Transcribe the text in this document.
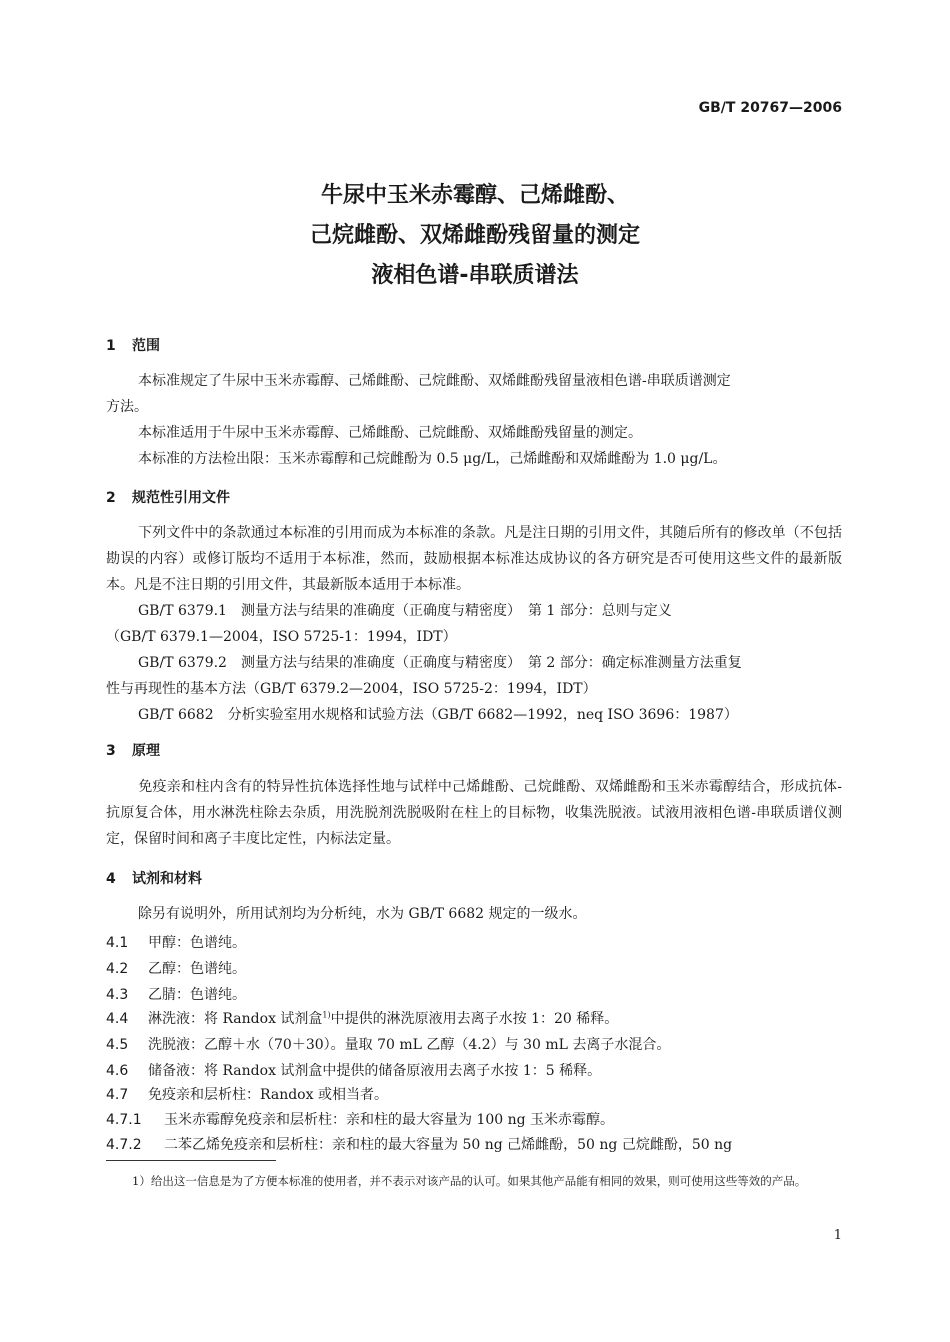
GB/T 20767—2006
牛尿中玉米赤霉醇、己烯雌酚、
己烷雌酚、双烯雌酚残留量的测定
液相色谱-串联质谱法
1 范围
本标准规定了牛尿中玉米赤霉醇、己烯雌酚、己烷雌酚、双烯雌酚残留量液相色谱-串联质谱测定
方法。
本标准适用于牛尿中玉米赤霉醇、己烯雌酚、己烷雌酚、双烯雌酚残留量的测定。
本标准的方法检出限：玉米赤霉醇和己烷雌酚为 0.5 μg/L，己烯雌酚和双烯雌酚为 1.0 μg/L。
2 规范性引用文件
下列文件中的条款通过本标准的引用而成为本标准的条款。凡是注日期的引用文件，其随后所有的修改单（不包括勘误的内容）或修订版均不适用于本标准，然而，鼓励根据本标准达成协议的各方研究是否可使用这些文件的最新版本。凡是不注日期的引用文件，其最新版本适用于本标准。
GB/T 6379.1　测量方法与结果的准确度（正确度与精密度）　第 1 部分：总则与定义
（GB/T 6379.1—2004，ISO 5725-1：1994，IDT）
GB/T 6379.2　测量方法与结果的准确度（正确度与精密度）　第 2 部分：确定标准测量方法重复
性与再现性的基本方法（GB/T 6379.2—2004，ISO 5725-2：1994，IDT）
GB/T 6682　分析实验室用水规格和试验方法（GB/T 6682—1992，neq ISO 3696：1987）
3 原理
免疫亲和柱内含有的特异性抗体选择性地与试样中己烯雌酚、己烷雌酚、双烯雌酚和玉米赤霉醇结合，形成抗体-抗原复合体，用水淋洗柱除去杂质，用洗脱剂洗脱吸附在柱上的目标物，收集洗脱液。试液用液相色谱-串联质谱仪测定，保留时间和离子丰度比定性，内标法定量。
4 试剂和材料
除另有说明外，所用试剂均为分析纯，水为 GB/T 6682 规定的一级水。
4.1 甲醇：色谱纯。
4.2 乙醇：色谱纯。
4.3 乙腈：色谱纯。
4.4 淋洗液：将 Randox 试剂盒$^{1)}$中提供的淋洗原液用去离子水按 1：20 稀释。
4.5 洗脱液：乙醇＋水（70＋30）。量取 70 mL 乙醇（4.2）与 30 mL 去离子水混合。
4.6 储备液：将 Randox 试剂盒中提供的储备原液用去离子水按 1：5 稀释。
4.7 免疫亲和层析柱：Randox 或相当者。
4.7.1 玉米赤霉醇免疫亲和层析柱：亲和柱的最大容量为 100 ng 玉米赤霉醇。
4.7.2 二苯乙烯免疫亲和层析柱：亲和柱的最大容量为 50 ng 己烯雌酚，50 ng 己烷雌酚，50 ng
1）给出这一信息是为了方便本标准的使用者，并不表示对该产品的认可。如果其他产品能有相同的效果，则可使用这些等效的产品。
1
